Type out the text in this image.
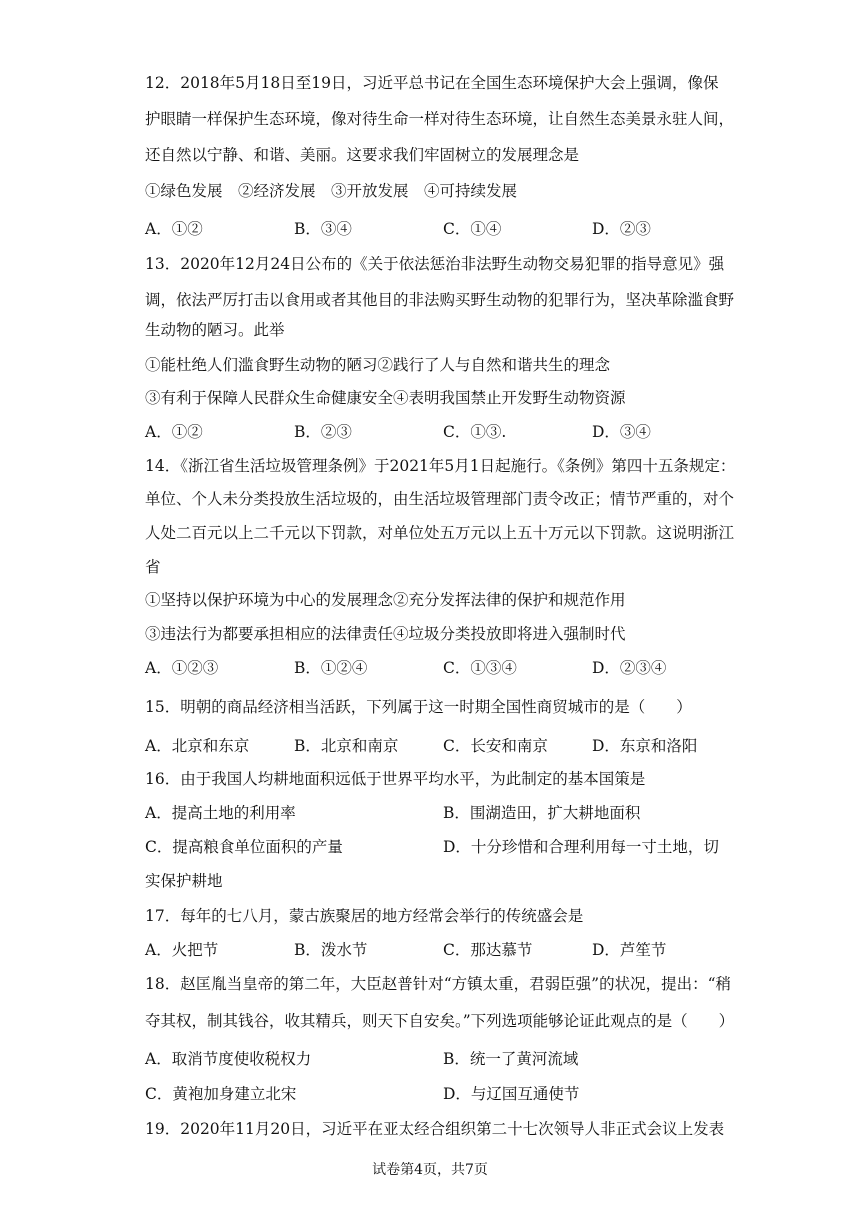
12．2018年5月18日至19日，习近平总书记在全国生态环境保护大会上强调，像保

护眼睛一样保护生态环境，像对待生命一样对待生态环境，让自然生态美景永驻人间，

还自然以宁静、和谐、美丽。这要求我们牢固树立的发展理念是

①绿色发展　②经济发展　③开放发展　④可持续发展

A．①②	B．③④	C．①④	D．②③

13．2020年12月24日公布的《关于依法惩治非法野生动物交易犯罪的指导意见》强

调，依法严厉打击以食用或者其他目的非法购买野生动物的犯罪行为，坚决革除滥食野

生动物的陋习。此举

①能杜绝人们滥食野生动物的陋习②践行了人与自然和谐共生的理念

③有利于保障人民群众生命健康安全④表明我国禁止开发野生动物资源

A．①②	B．②③	C．①③.	D．③④

14．《浙江省生活垃圾管理条例》于2021年5月1日起施行。《条例》第四十五条规定：

单位、个人未分类投放生活垃圾的，由生活垃圾管理部门责令改正；情节严重的，对个

人处二百元以上二千元以下罚款，对单位处五万元以上五十万元以下罚款。这说明浙江

省

①坚持以保护环境为中心的发展理念②充分发挥法律的保护和规范作用

③违法行为都要承担相应的法律责任④垃圾分类投放即将进入强制时代

A．①②③	B．①②④	C．①③④	D．②③④

15．明朝的商品经济相当活跃，下列属于这一时期全国性商贸城市的是（　　）

A．北京和东京	B．北京和南京	C．长安和南京	D．东京和洛阳

16．由于我国人均耕地面积远低于世界平均水平，为此制定的基本国策是

A．提高土地的利用率	B．围湖造田，扩大耕地面积

C．提高粮食单位面积的产量	D．十分珍惜和合理利用每一寸土地，切

实保护耕地

17．每年的七八月，蒙古族聚居的地方经常会举行的传统盛会是

A．火把节	B．泼水节	C．那达慕节	D．芦笙节

18．赵匡胤当皇帝的第二年，大臣赵普针对“方镇太重，君弱臣强”的状况，提出：“稍

夺其权，制其钱谷，收其精兵，则天下自安矣。”下列选项能够论证此观点的是（　　）

A．取消节度使收税权力	B．统一了黄河流域

C．黄袍加身建立北宋	D．与辽国互通使节

19．2020年11月20日，习近平在亚太经合组织第二十七次领导人非正式会议上发表

试卷第4页，共7页
